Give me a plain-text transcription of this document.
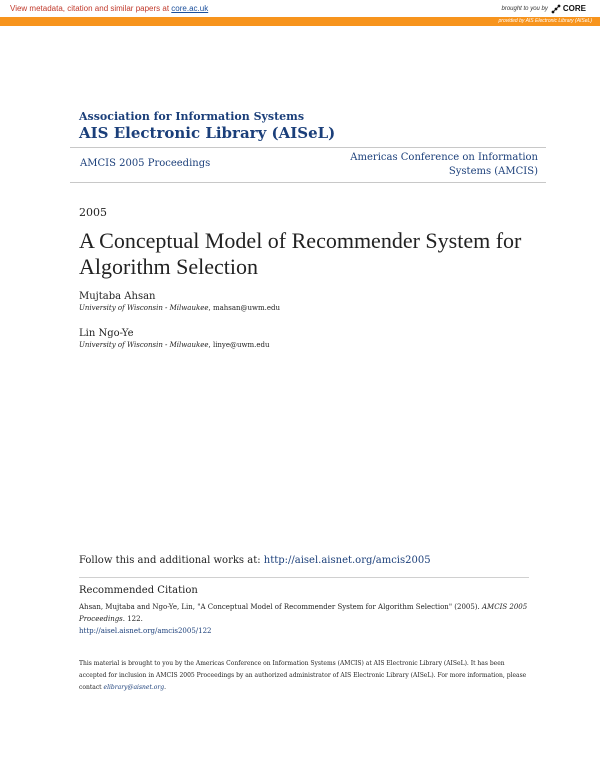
provided by AIS Electronic Library (AISeL)
View metadata, citation and similar papers at core.ac.uk	brought to you by CORE
Association for Information Systems
AIS Electronic Library (AISeL)
AMCIS 2005 Proceedings
Americas Conference on Information Systems (AMCIS)
2005
A Conceptual Model of Recommender System for Algorithm Selection
Mujtaba Ahsan
University of Wisconsin - Milwaukee, mahsan@uwm.edu
Lin Ngo-Ye
University of Wisconsin - Milwaukee, linye@uwm.edu
Follow this and additional works at: http://aisel.aisnet.org/amcis2005
Recommended Citation
Ahsan, Mujtaba and Ngo-Ye, Lin, "A Conceptual Model of Recommender System for Algorithm Selection" (2005). AMCIS 2005 Proceedings. 122.
http://aisel.aisnet.org/amcis2005/122
This material is brought to you by the Americas Conference on Information Systems (AMCIS) at AIS Electronic Library (AISeL). It has been accepted for inclusion in AMCIS 2005 Proceedings by an authorized administrator of AIS Electronic Library (AISeL). For more information, please contact elibrary@aisnet.org.
